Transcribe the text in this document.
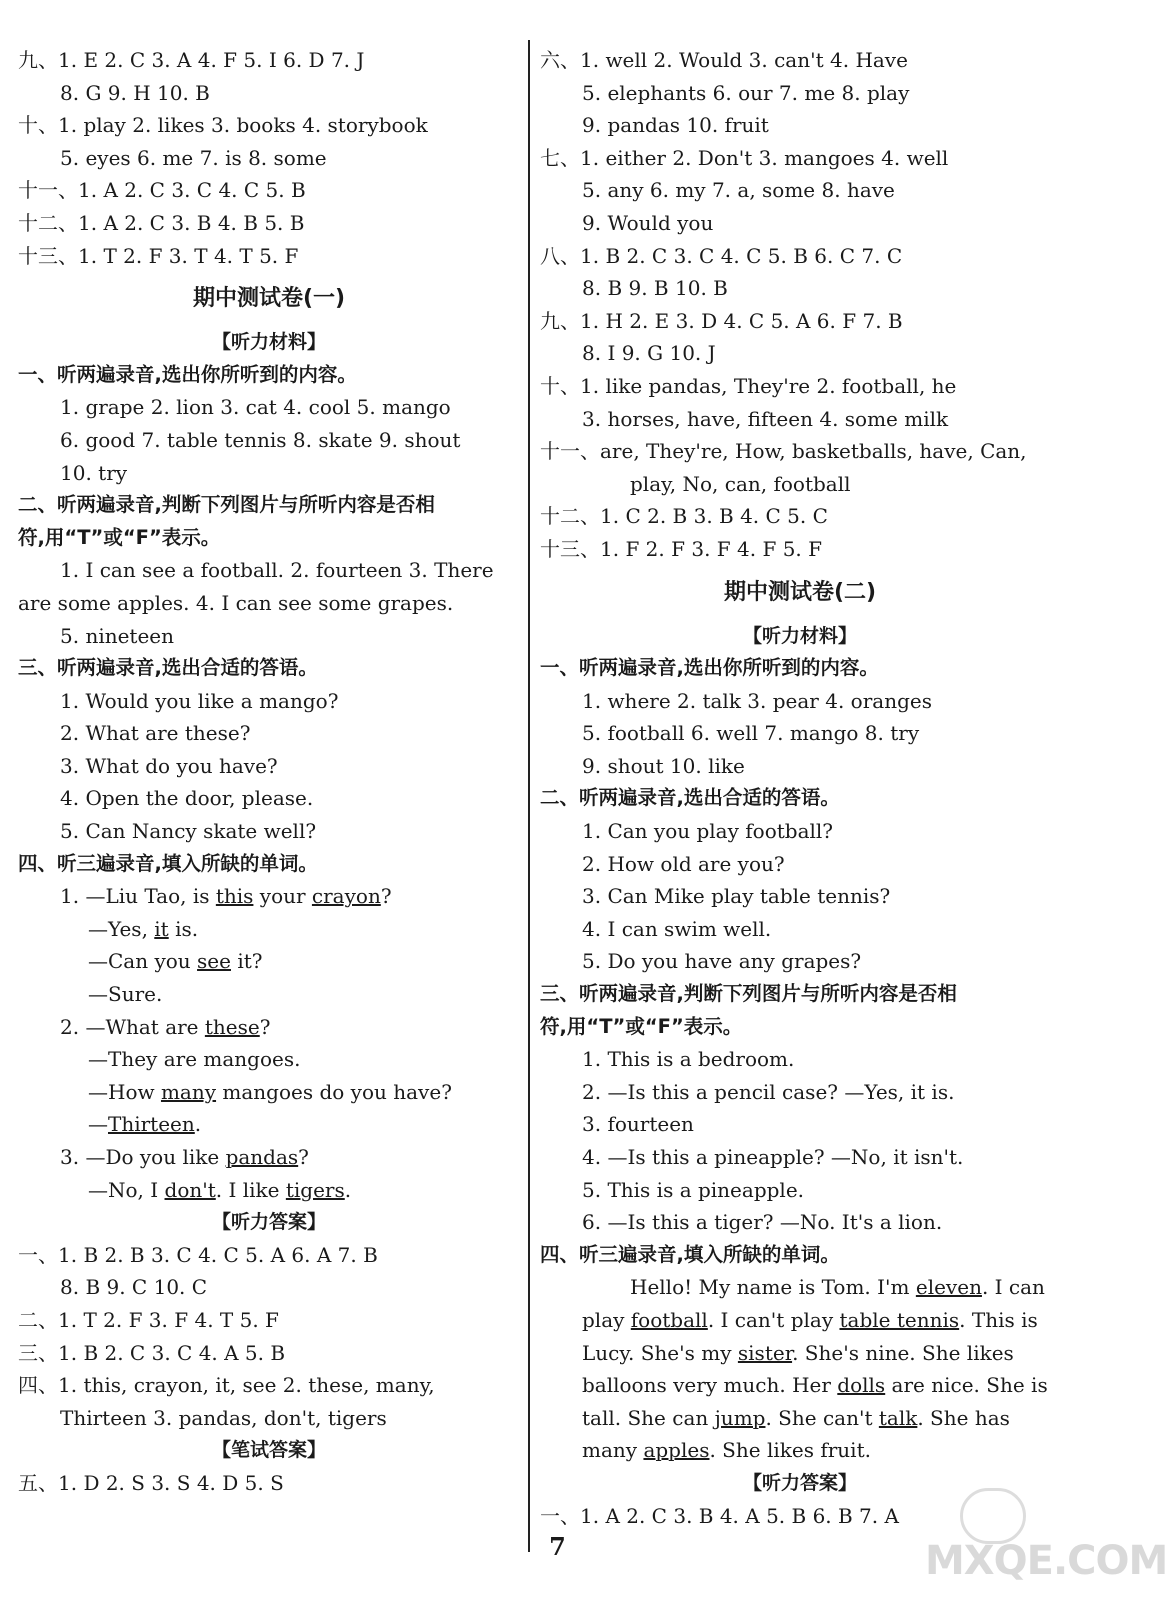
九、1. E 2. C 3. A 4. F 5. I 6. D 7. J
8. G 9. H 10. B
十、1. play 2. likes 3. books 4. storybook
5. eyes 6. me 7. is 8. some
十一、1. A 2. C 3. C 4. C 5. B
十二、1. A 2. C 3. B 4. B 5. B
十三、1. T 2. F 3. T 4. T 5. F
期中测试卷(一)
【听力材料】
一、听两遍录音,选出你所听到的内容。
1. grape 2. lion 3. cat 4. cool 5. mango
6. good 7. table tennis 8. skate 9. shout
10. try
二、听两遍录音,判断下列图片与所听内容是否相
符,用“T”或“F”表示。
1. I can see a football. 2. fourteen 3. There
are some apples. 4. I can see some grapes.
5. nineteen
三、听两遍录音,选出合适的答语。
1. Would you like a mango?
2. What are these?
3. What do you have?
4. Open the door, please.
5. Can Nancy skate well?
四、听三遍录音,填入所缺的单词。
1. —Liu Tao, is this your crayon?
—Yes, it is.
—Can you see it?
—Sure.
2. —What are these?
—They are mangoes.
—How many mangoes do you have?
—Thirteen.
3. —Do you like pandas?
—No, I don't. I like tigers.
【听力答案】
一、1. B 2. B 3. C 4. C 5. A 6. A 7. B
8. B 9. C 10. C
二、1. T 2. F 3. F 4. T 5. F
三、1. B 2. C 3. C 4. A 5. B
四、1. this, crayon, it, see 2. these, many,
Thirteen 3. pandas, don't, tigers
【笔试答案】
五、1. D 2. S 3. S 4. D 5. S
六、1. well 2. Would 3. can't 4. Have
5. elephants 6. our 7. me 8. play
9. pandas 10. fruit
七、1. either 2. Don't 3. mangoes 4. well
5. any 6. my 7. a, some 8. have
9. Would you
八、1. B 2. C 3. C 4. C 5. B 6. C 7. C
8. B 9. B 10. B
九、1. H 2. E 3. D 4. C 5. A 6. F 7. B
8. I 9. G 10. J
十、1. like pandas, They're 2. football, he
3. horses, have, fifteen 4. some milk
十一、are, They're, How, basketballs, have, Can,
play, No, can, football
十二、1. C 2. B 3. B 4. C 5. C
十三、1. F 2. F 3. F 4. F 5. F
期中测试卷(二)
【听力材料】
一、听两遍录音,选出你所听到的内容。
1. where 2. talk 3. pear 4. oranges
5. football 6. well 7. mango 8. try
9. shout 10. like
二、听两遍录音,选出合适的答语。
1. Can you play football?
2. How old are you?
3. Can Mike play table tennis?
4. I can swim well.
5. Do you have any grapes?
三、听两遍录音,判断下列图片与所听内容是否相
符,用“T”或“F”表示。
1. This is a bedroom.
2. —Is this a pencil case? —Yes, it is.
3. fourteen
4. —Is this a pineapple? —No, it isn't.
5. This is a pineapple.
6. —Is this a tiger? —No. It's a lion.
四、听三遍录音,填入所缺的单词。
Hello! My name is Tom. I'm eleven. I can
play football. I can't play table tennis. This is
Lucy. She's my sister. She's nine. She likes
balloons very much. Her dolls are nice. She is
tall. She can jump. She can't talk. She has
many apples. She likes fruit.
【听力答案】
一、1. A 2. C 3. B 4. A 5. B 6. B 7. A
7	MXQE.COM
